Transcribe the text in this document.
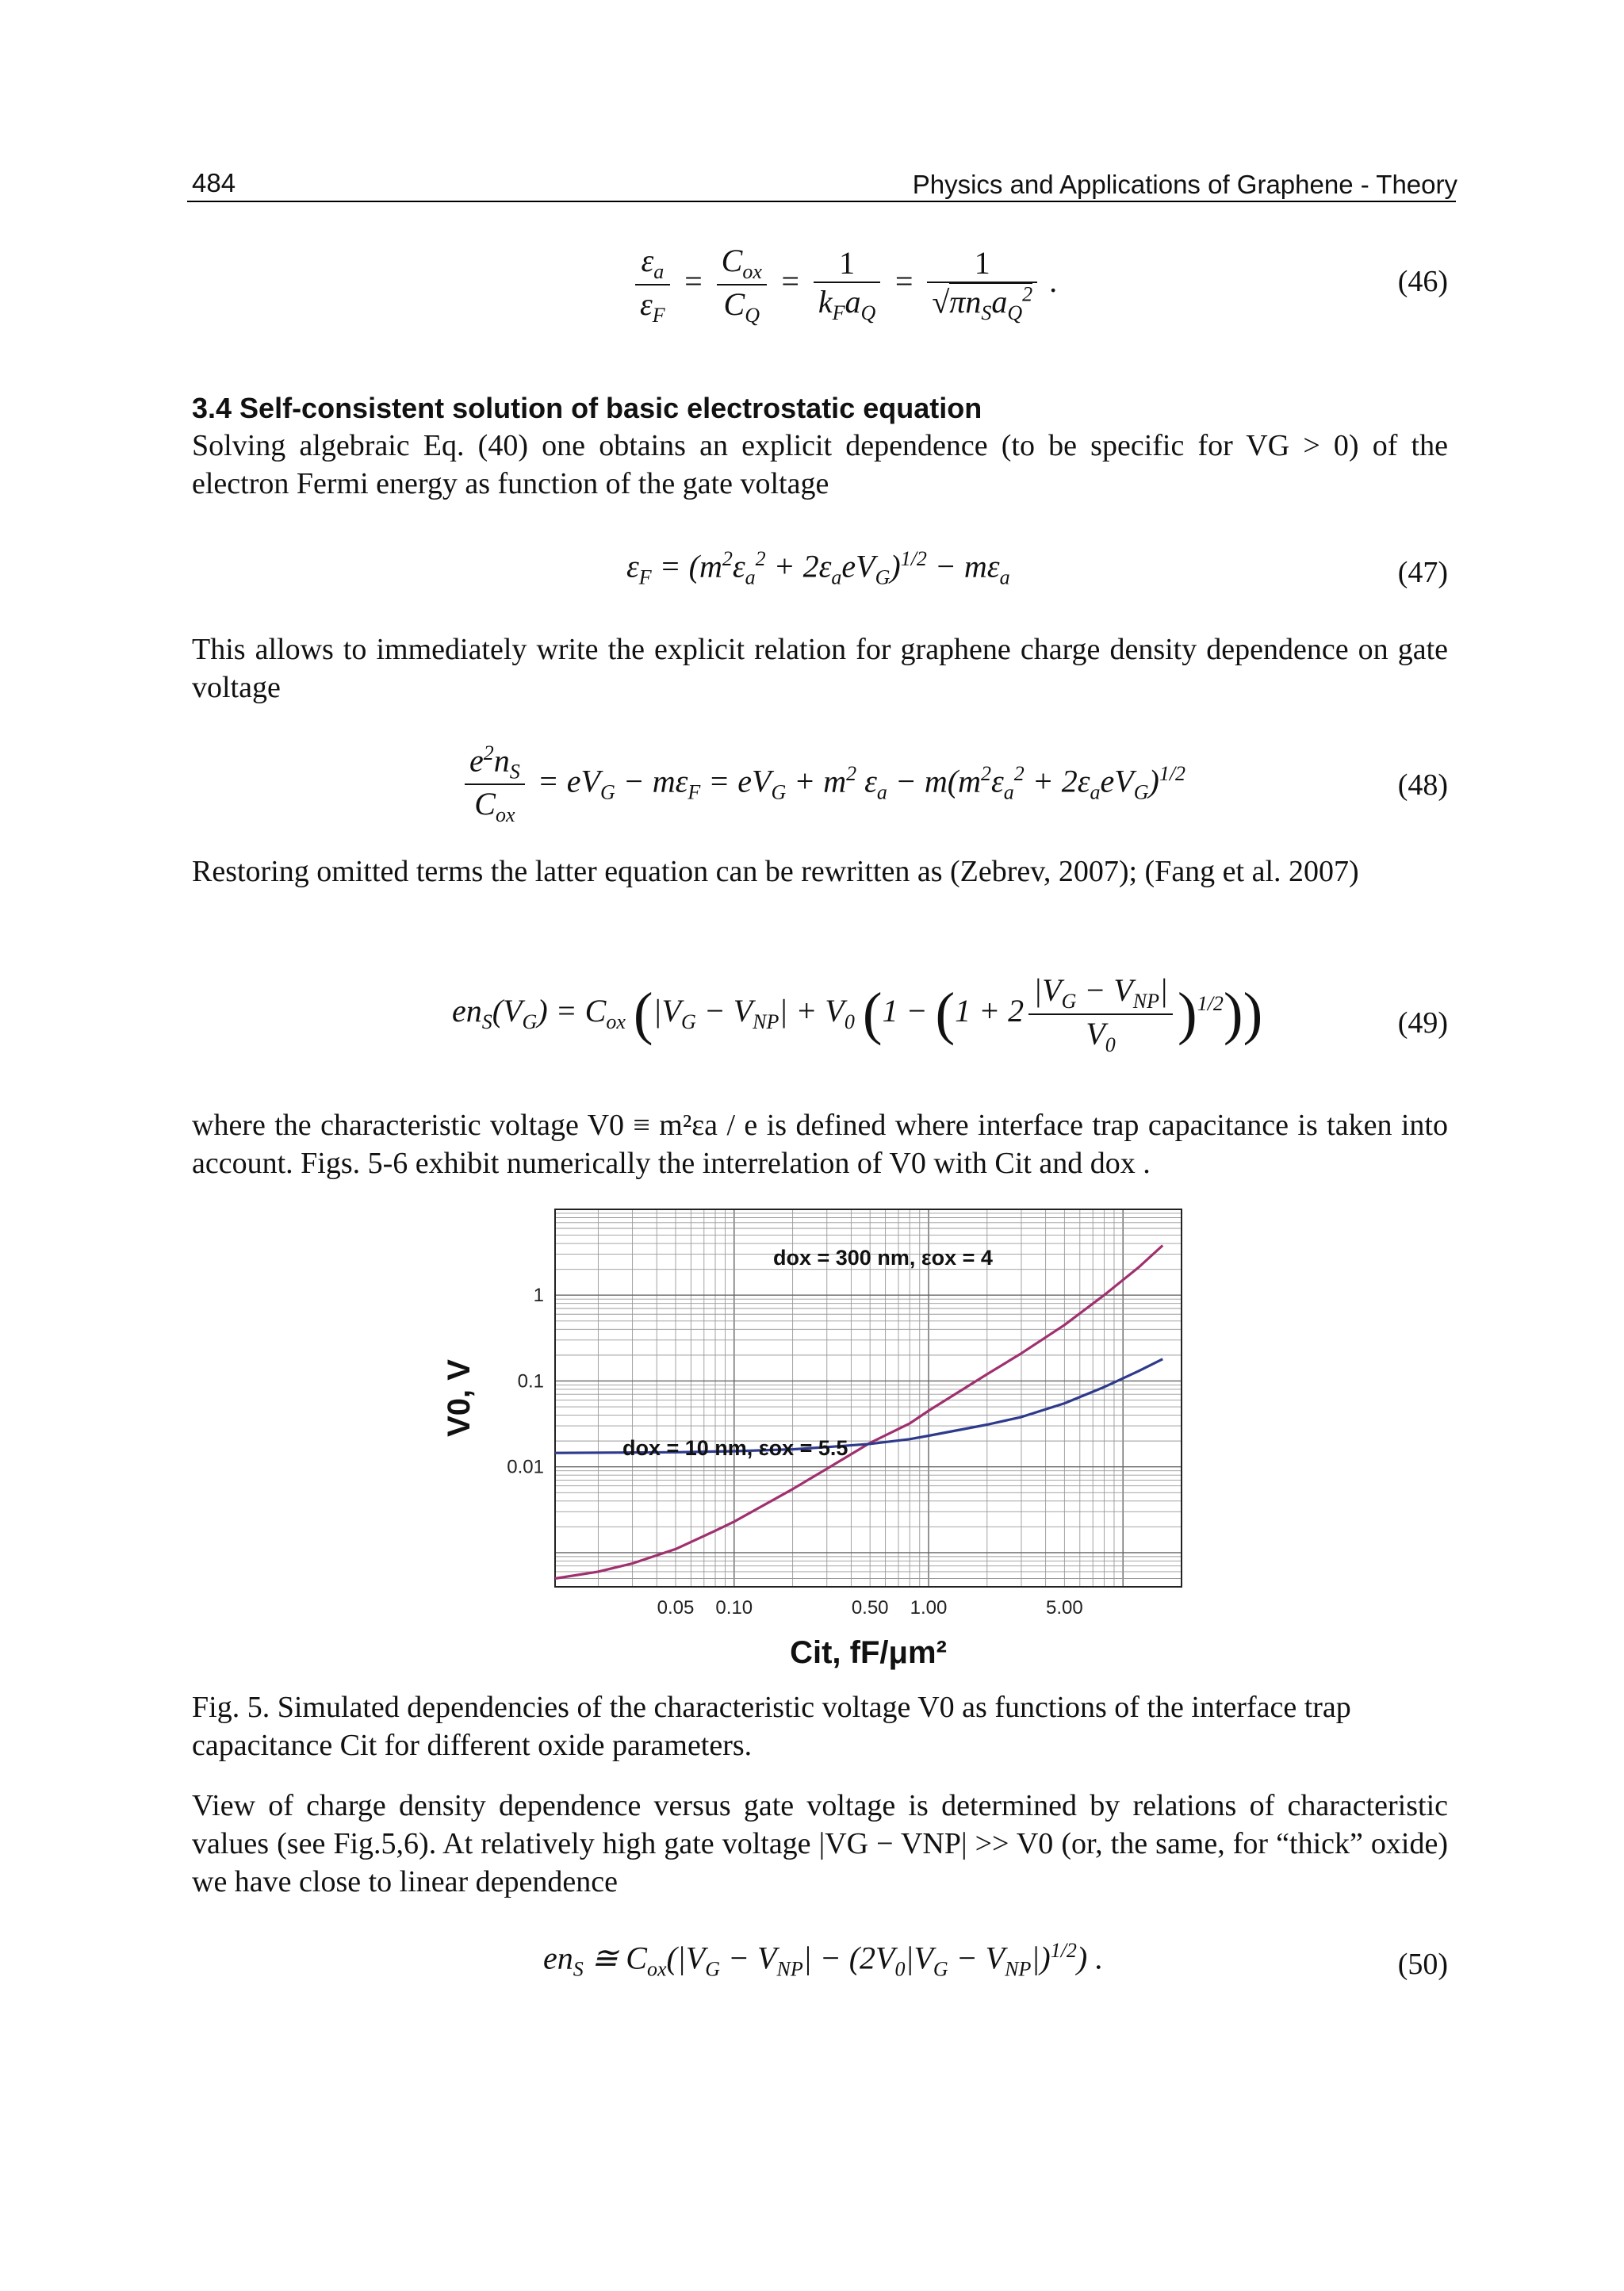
484	Physics and Applications of Graphene - Theory
$\frac{\varepsilon_a}{\varepsilon_F} = \frac{C_{ox}}{C_Q} = \frac{1}{k_Fa_Q} = \frac{1}{√\pi n_Sa_Q^2}$ .	(46)
3.4 Self-consistent solution of basic electrostatic equation
Solving algebraic Eq. (40) one obtains an explicit dependence (to be specific for VG > 0) of the electron Fermi energy as function of the gate voltage
$\varepsilon_F = (m^2\varepsilon_a^2 + 2\varepsilon_aeV_G)^{1/2} - m\varepsilon_a$	(47)
This allows to immediately write the explicit relation for graphene charge density dependence on gate voltage
$\frac{e^2n_S}{C_{ox}} = eV_G - m\varepsilon_F = eV_G + m^2$ $\varepsilon_a - m(m^2\varepsilon_a^2 + 2\varepsilon_aeV_G)^{1/2}$	(48)
Restoring omitted terms the latter equation can be rewritten as (Zebrev, 2007); (Fang et al. 2007)
$en_S(V_G) = C_{ox}$ ($|V_G - V_{NP}| + V_0$ $(1 - (1 + 2 \frac{|V_G - V_{NP}|}{V_0} )^{1/2})$)	(49)
where the characteristic voltage V0 ≡ m²εa / e is defined where interface trap capacitance is taken into account. Figs. 5-6 exhibit numerically the interrelation of V0 with Cit and dox .
0.05 0.10	0.50 1.00	5.00
0.01
0.1
1
Cit, fF/μm²
V0, V
dox = 300 nm, εox = 4
dox = 10 nm, εox = 5.5
Fig. 5. Simulated dependencies of the characteristic voltage V0 as functions of the interface trap capacitance Cit for different oxide parameters.
View of charge density dependence versus gate voltage is determined by relations of characteristic values (see Fig.5,6). At relatively high gate voltage |VG − VNP| >> V0 (or, the same, for “thick” oxide) we have close to linear dependence
$en_S$ ≅ $C_{ox}(|V_G - V_{NP}| - (2V_0|V_G - V_{NP}|)^{1/2})$ .	(50)
